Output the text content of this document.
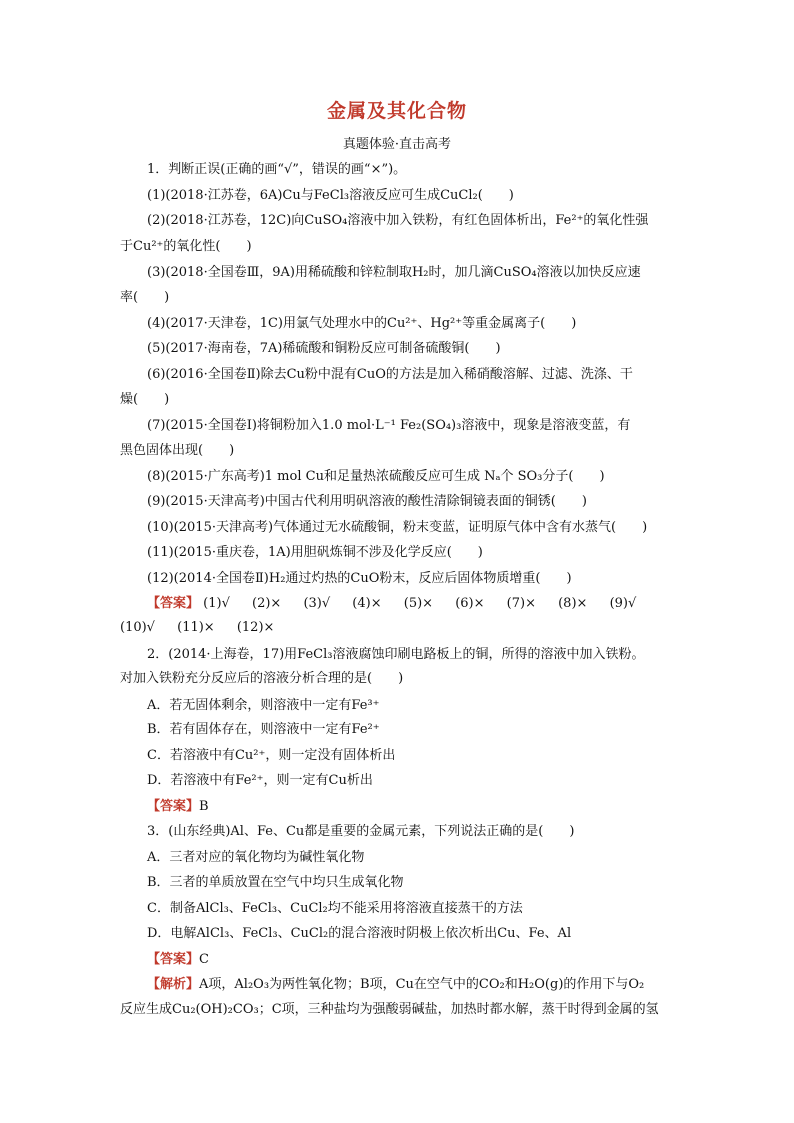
金属及其化合物
真题体验·直击高考
1．判断正误(正确的画“√”，错误的画“×”)。
(1)(2018·江苏卷，6A)Cu与FeCl₃溶液反应可生成CuCl₂(　　)
(2)(2018·江苏卷，12C)向CuSO₄溶液中加入铁粉，有红色固体析出，Fe²⁺的氧化性强
于Cu²⁺的氧化性(　　)
(3)(2018·全国卷Ⅲ，9A)用稀硫酸和锌粒制取H₂时，加几滴CuSO₄溶液以加快反应速
率(　　)
(4)(2017·天津卷，1C)用氯气处理水中的Cu²⁺、Hg²⁺等重金属离子(　　)
(5)(2017·海南卷，7A)稀硫酸和铜粉反应可制备硫酸铜(　　)
(6)(2016·全国卷Ⅱ)除去Cu粉中混有CuO的方法是加入稀硝酸溶解、过滤、洗涤、干
燥(　　)
(7)(2015·全国卷Ⅰ)将铜粉加入1.0 mol·L⁻¹ Fe₂(SO₄)₃溶液中，现象是溶液变蓝，有
黑色固体出现(　　)
(8)(2015·广东高考)1 mol Cu和足量热浓硫酸反应可生成 Nₐ个 SO₃分子(　　)
(9)(2015·天津高考)中国古代利用明矾溶液的酸性清除铜镜表面的铜锈(　　)
(10)(2015·天津高考)气体通过无水硫酸铜，粉末变蓝，证明原气体中含有水蒸气(　　)
(11)(2015·重庆卷，1A)用胆矾炼铜不涉及化学反应(　　)
(12)(2014·全国卷Ⅱ)H₂通过灼热的CuO粉末，反应后固体物质增重(　　)
【答案】 (1)√ (2)× (3)√ (4)× (5)× (6)× (7)× (8)× (9)√
(10)√ (11)× (12)×
2．(2014·上海卷，17)用FeCl₃溶液腐蚀印刷电路板上的铜，所得的溶液中加入铁粉。
对加入铁粉充分反应后的溶液分析合理的是(　　)
A．若无固体剩余，则溶液中一定有Fe³⁺
B．若有固体存在，则溶液中一定有Fe²⁺
C．若溶液中有Cu²⁺，则一定没有固体析出
D．若溶液中有Fe²⁺，则一定有Cu析出
【答案】B
3．(山东经典)Al、Fe、Cu都是重要的金属元素，下列说法正确的是(　　)
A．三者对应的氧化物均为碱性氧化物
B．三者的单质放置在空气中均只生成氧化物
C．制备AlCl₃、FeCl₃、CuCl₂均不能采用将溶液直接蒸干的方法
D．电解AlCl₃、FeCl₃、CuCl₂的混合溶液时阴极上依次析出Cu、Fe、Al
【答案】C
【解析】A项，Al₂O₃为两性氧化物；B项，Cu在空气中的CO₂和H₂O(g)的作用下与O₂
反应生成Cu₂(OH)₂CO₃；C项，三种盐均为强酸弱碱盐，加热时都水解，蒸干时得到金属的氢
